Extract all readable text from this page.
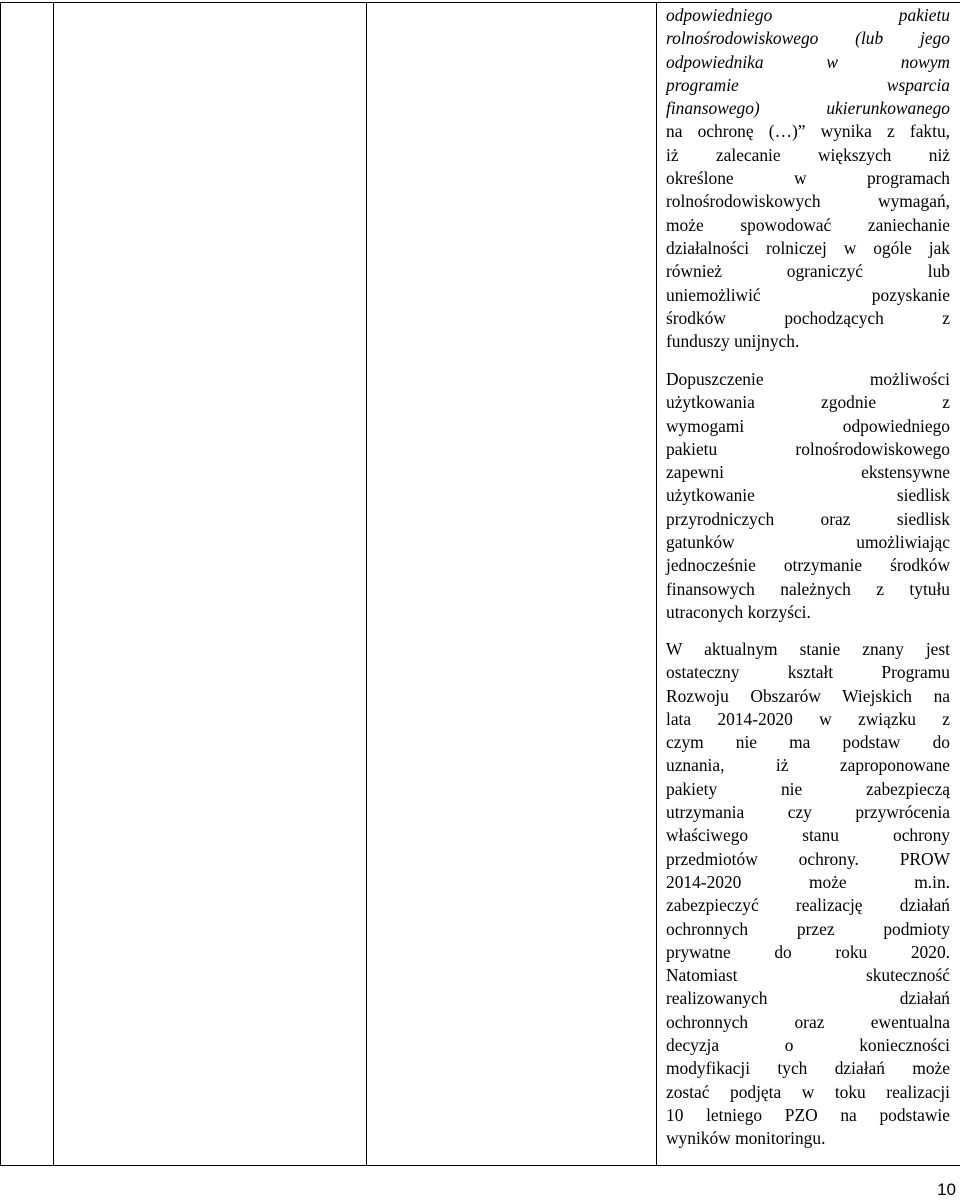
odpowiedniego pakietu
rolnośrodowiskowego (lub jego
odpowiednika w nowym
programie wsparcia
finansowego) ukierunkowanego
na ochronę (…)” wynika z faktu,
iż zalecanie większych niż
określone w programach
rolnośrodowiskowych wymagań,
może spowodować zaniechanie
działalności rolniczej w ogóle jak
również ograniczyć lub
uniemożliwić pozyskanie
środków pochodzących z
funduszy unijnych.
Dopuszczenie możliwości
użytkowania zgodnie z
wymogami odpowiedniego
pakietu rolnośrodowiskowego
zapewni ekstensywne
użytkowanie siedlisk
przyrodniczych oraz siedlisk
gatunków umożliwiając
jednocześnie otrzymanie środków
finansowych należnych z tytułu
utraconych korzyści.
W aktualnym stanie znany jest
ostateczny kształt Programu
Rozwoju Obszarów Wiejskich na
lata 2014-2020 w związku z
czym nie ma podstaw do
uznania, iż zaproponowane
pakiety nie zabezpieczą
utrzymania czy przywrócenia
właściwego stanu ochrony
przedmiotów ochrony. PROW
2014-2020 może m.in.
zabezpieczyć realizację działań
ochronnych przez podmioty
prywatne do roku 2020.
Natomiast skuteczność
realizowanych działań
ochronnych oraz ewentualna
decyzja o konieczności
modyfikacji tych działań może
zostać podjęta w toku realizacji
10 letniego PZO na podstawie
wyników monitoringu.
10
